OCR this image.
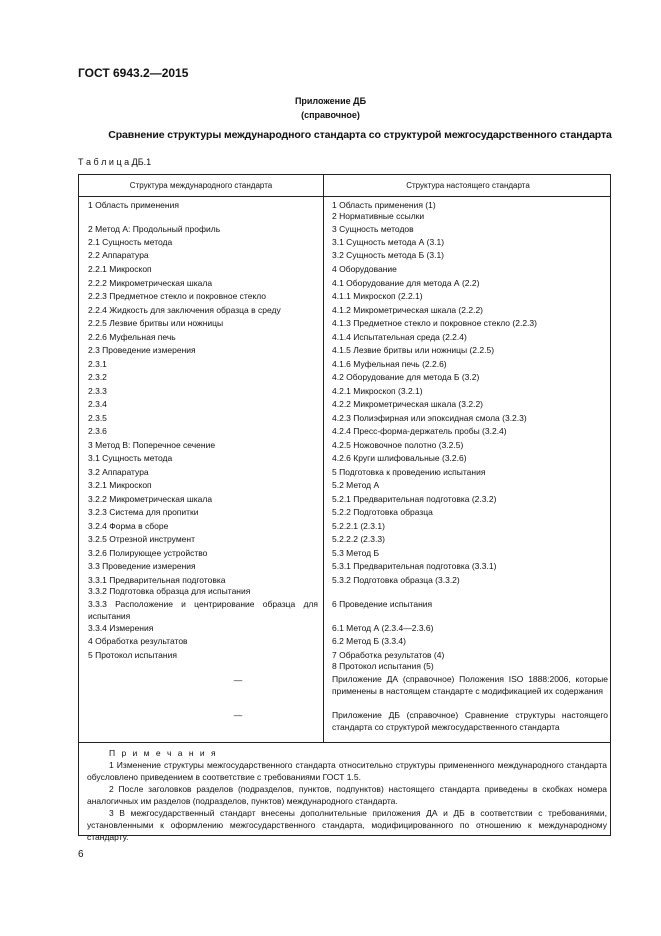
ГОСТ 6943.2—2015
Приложение ДБ
(справочное)
Сравнение структуры международного стандарта со структурой межгосударственного стандарта
Т а б л и ц а ДБ.1
Структура международного стандарта	Структура настоящего стандарта
1 Область применения
2 Метод А: Продольный профиль
2.1 Сущность метода
2.2 Аппаратура
2.2.1 Микроскоп
2.2.2 Микрометрическая шкала
2.2.3 Предметное стекло и покровное стекло
2.2.4 Жидкость для заключения образца в среду
2.2.5 Лезвие бритвы или ножницы
2.2.6 Муфельная печь
2.3 Проведение измерения
2.3.1
2.3.2
2.3.3
2.3.4
2.3.5
2.3.6
3 Метод В: Поперечное сечение
3.1 Сущность метода
3.2 Аппаратура
3.2.1 Микроскоп
3.2.2 Микрометрическая шкала
3.2.3 Система для пропитки
3.2.4 Форма в сборе
3.2.5 Отрезной инструмент
3.2.6 Полирующее устройство
3.3 Проведение измерения
3.3.1 Предварительная подготовка
3.3.2 Подготовка образца для испытания
3.3.3 Расположение и центрирование образца для испытания
3.3.4 Измерения
4 Обработка результатов
5 Протокол испытания
—
—
1 Область применения (1)
2 Нормативные ссылки
3 Сущность методов
3.1 Сущность метода А (3.1)
3.2 Сущность метода Б (3.1)
4 Оборудование
4.1 Оборудование для метода А (2.2)
4.1.1 Микроскоп (2.2.1)
4.1.2 Микрометрическая шкала (2.2.2)
4.1.3 Предметное стекло и покровное стекло (2.2.3)
4.1.4 Испытательная среда (2.2.4)
4.1.5 Лезвие бритвы или ножницы (2.2.5)
4.1.6 Муфельная печь (2.2.6)
4.2 Оборудование для метода Б (3.2)
4.2.1 Микроскоп (3.2.1)
4.2.2 Микрометрическая шкала (3.2.2)
4.2.3 Полиэфирная или эпоксидная смола (3.2.3)
4.2.4 Пресс-форма-держатель пробы (3.2.4)
4.2.5 Ножовочное полотно (3.2.5)
4.2.6 Круги шлифовальные (3.2.6)
5 Подготовка к проведению испытания
5.2 Метод А
5.2.1 Предварительная подготовка (2.3.2)
5.2.2 Подготовка образца
5.2.2.1 (2.3.1)
5.2.2.2 (2.3.3)
5.3 Метод Б
5.3.1 Предварительная подготовка (3.3.1)
5.3.2 Подготовка образца (3.3.2)
6 Проведение испытания
6.1 Метод А (2.3.4—2.3.6)
6.2 Метод Б (3.3.4)
7 Обработка результатов (4)
8 Протокол испытания (5)
Приложение ДА (справочное) Положения ISO 1888:2006, которые применены в настоящем стандарте с модификацией их содержания
Приложение ДБ (справочное) Сравнение структуры настоящего стандарта со структурой межгосударственного стандарта
П р и м е ч а н и я

1 Изменение структуры межгосударственного стандарта относительно структуры примененного международного стандарта обусловлено приведением в соответствие с требованиями ГОСТ 1.5.

2 После заголовков разделов (подразделов, пунктов, подпунктов) настоящего стандарта приведены в скобках номера аналогичных им разделов (подразделов, пунктов) международного стандарта.

3 В межгосударственный стандарт внесены дополнительные приложения ДА и ДБ в соответствии с требованиями, установленными к оформлению межгосударственного стандарта, модифицированного по отношению к международному стандарту.

6
